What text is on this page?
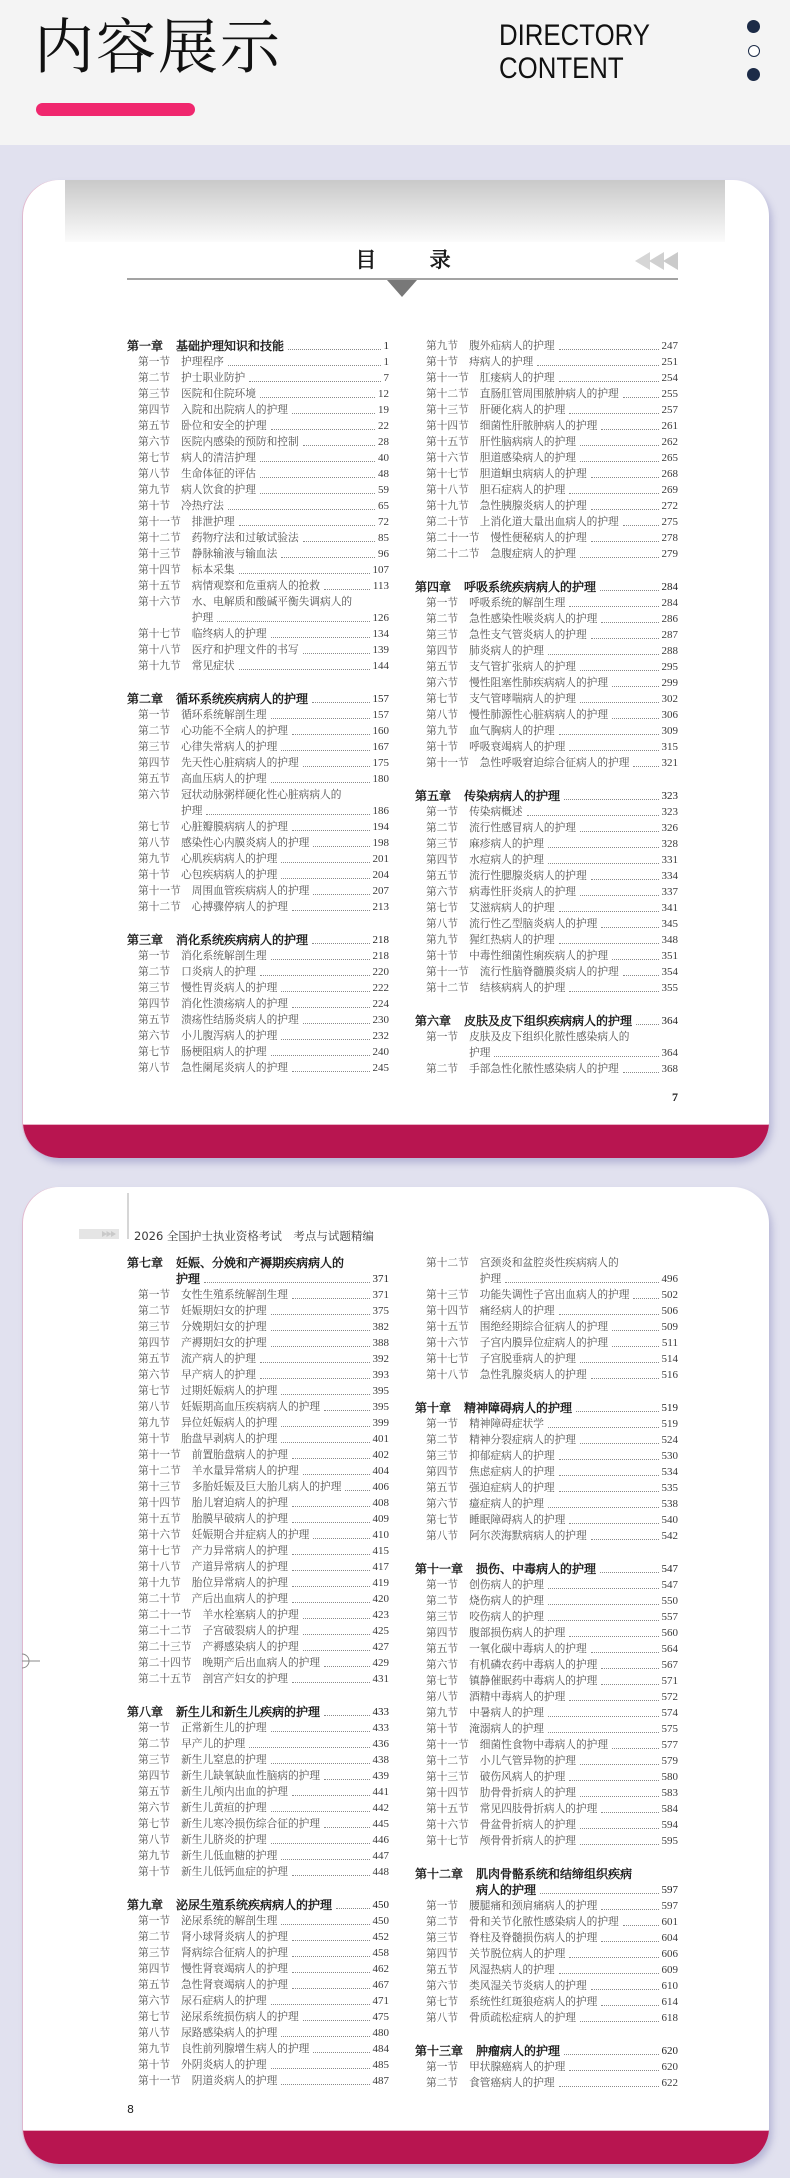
内容展示	DIRECTORY
CONTENT
目 录
第一章 基础护理知识和技能	1
第一节 护理程序	1
第二节 护士职业防护	7
第三节 医院和住院环境	12
第四节 入院和出院病人的护理	19
第五节 卧位和安全的护理	22
第六节 医院内感染的预防和控制	28
第七节 病人的清洁护理	40
第八节 生命体征的评估	48
第九节 病人饮食的护理	59
第十节 冷热疗法	65
第十一节 排泄护理	72
第十二节 药物疗法和过敏试验法	85
第十三节 静脉输液与输血法	96
第十四节 标本采集	107
第十五节 病情观察和危重病人的抢救	113
第十六节 水、电解质和酸碱平衡失调病人的
护理	126
第十七节 临终病人的护理	134
第十八节 医疗和护理文件的书写	139
第十九节 常见症状	144
第二章 循环系统疾病病人的护理	157
第一节 循环系统解剖生理	157
第二节 心功能不全病人的护理	160
第三节 心律失常病人的护理	167
第四节 先天性心脏病病人的护理	175
第五节 高血压病人的护理	180
第六节 冠状动脉粥样硬化性心脏病病人的
护理	186
第七节 心脏瓣膜病病人的护理	194
第八节 感染性心内膜炎病人的护理	198
第九节 心肌疾病病人的护理	201
第十节 心包疾病病人的护理	204
第十一节 周围血管疾病病人的护理	207
第十二节 心搏骤停病人的护理	213
第三章 消化系统疾病病人的护理	218
第一节 消化系统解剖生理	218
第二节 口炎病人的护理	220
第三节 慢性胃炎病人的护理	222
第四节 消化性溃疡病人的护理	224
第五节 溃疡性结肠炎病人的护理	230
第六节 小儿腹泻病人的护理	232
第七节 肠梗阻病人的护理	240
第八节 急性阑尾炎病人的护理	245
第九节 腹外疝病人的护理	247
第十节 痔病人的护理	251
第十一节 肛瘘病人的护理	254
第十二节 直肠肛管周围脓肿病人的护理	255
第十三节 肝硬化病人的护理	257
第十四节 细菌性肝脓肿病人的护理	261
第十五节 肝性脑病病人的护理	262
第十六节 胆道感染病人的护理	265
第十七节 胆道蛔虫病病人的护理	268
第十八节 胆石症病人的护理	269
第十九节 急性胰腺炎病人的护理	272
第二十节 上消化道大量出血病人的护理	275
第二十一节 慢性便秘病人的护理	278
第二十二节 急腹症病人的护理	279
第四章 呼吸系统疾病病人的护理	284
第一节 呼吸系统的解剖生理	284
第二节 急性感染性喉炎病人的护理	286
第三节 急性支气管炎病人的护理	287
第四节 肺炎病人的护理	288
第五节 支气管扩张病人的护理	295
第六节 慢性阻塞性肺疾病病人的护理	299
第七节 支气管哮喘病人的护理	302
第八节 慢性肺源性心脏病病人的护理	306
第九节 血气胸病人的护理	309
第十节 呼吸衰竭病人的护理	315
第十一节 急性呼吸窘迫综合征病人的护理	321
第五章 传染病病人的护理	323
第一节 传染病概述	323
第二节 流行性感冒病人的护理	326
第三节 麻疹病人的护理	328
第四节 水痘病人的护理	331
第五节 流行性腮腺炎病人的护理	334
第六节 病毒性肝炎病人的护理	337
第七节 艾滋病病人的护理	341
第八节 流行性乙型脑炎病人的护理	345
第九节 猩红热病人的护理	348
第十节 中毒性细菌性痢疾病人的护理	351
第十一节 流行性脑脊髓膜炎病人的护理	354
第十二节 结核病病人的护理	355
第六章 皮肤及皮下组织疾病病人的护理	364
第一节 皮肤及皮下组织化脓性感染病人的
护理	364
第二节 手部急性化脓性感染病人的护理	368
7
2026 全国护士执业资格考试　考点与试题精编
第七章 妊娠、分娩和产褥期疾病病人的
护理	371
第一节 女性生殖系统解剖生理	371
第二节 妊娠期妇女的护理	375
第三节 分娩期妇女的护理	382
第四节 产褥期妇女的护理	388
第五节 流产病人的护理	392
第六节 早产病人的护理	393
第七节 过期妊娠病人的护理	395
第八节 妊娠期高血压疾病病人的护理	395
第九节 异位妊娠病人的护理	399
第十节 胎盘早剥病人的护理	401
第十一节 前置胎盘病人的护理	402
第十二节 羊水量异常病人的护理	404
第十三节 多胎妊娠及巨大胎儿病人的护理	406
第十四节 胎儿窘迫病人的护理	408
第十五节 胎膜早破病人的护理	409
第十六节 妊娠期合并症病人的护理	410
第十七节 产力异常病人的护理	415
第十八节 产道异常病人的护理	417
第十九节 胎位异常病人的护理	419
第二十节 产后出血病人的护理	420
第二十一节 羊水栓塞病人的护理	423
第二十二节 子宫破裂病人的护理	425
第二十三节 产褥感染病人的护理	427
第二十四节 晚期产后出血病人的护理	429
第二十五节 剖宫产妇女的护理	431
第八章 新生儿和新生儿疾病的护理	433
第一节 正常新生儿的护理	433
第二节 早产儿的护理	436
第三节 新生儿窒息的护理	438
第四节 新生儿缺氧缺血性脑病的护理	439
第五节 新生儿颅内出血的护理	441
第六节 新生儿黄疸的护理	442
第七节 新生儿寒冷损伤综合征的护理	445
第八节 新生儿脐炎的护理	446
第九节 新生儿低血糖的护理	447
第十节 新生儿低钙血症的护理	448
第九章 泌尿生殖系统疾病病人的护理	450
第一节 泌尿系统的解剖生理	450
第二节 肾小球肾炎病人的护理	452
第三节 肾病综合征病人的护理	458
第四节 慢性肾衰竭病人的护理	462
第五节 急性肾衰竭病人的护理	467
第六节 尿石症病人的护理	471
第七节 泌尿系统损伤病人的护理	475
第八节 尿路感染病人的护理	480
第九节 良性前列腺增生病人的护理	484
第十节 外阴炎病人的护理	485
第十一节 阴道炎病人的护理	487
第十二节 宫颈炎和盆腔炎性疾病病人的
护理	496
第十三节 功能失调性子宫出血病人的护理	502
第十四节 痛经病人的护理	506
第十五节 围绝经期综合征病人的护理	509
第十六节 子宫内膜异位症病人的护理	511
第十七节 子宫脱垂病人的护理	514
第十八节 急性乳腺炎病人的护理	516
第十章 精神障碍病人的护理	519
第一节 精神障碍症状学	519
第二节 精神分裂症病人的护理	524
第三节 抑郁症病人的护理	530
第四节 焦虑症病人的护理	534
第五节 强迫症病人的护理	535
第六节 癔症病人的护理	538
第七节 睡眠障碍病人的护理	540
第八节 阿尔茨海默病病人的护理	542
第十一章 损伤、中毒病人的护理	547
第一节 创伤病人的护理	547
第二节 烧伤病人的护理	550
第三节 咬伤病人的护理	557
第四节 腹部损伤病人的护理	560
第五节 一氧化碳中毒病人的护理	564
第六节 有机磷农药中毒病人的护理	567
第七节 镇静催眠药中毒病人的护理	571
第八节 酒精中毒病人的护理	572
第九节 中暑病人的护理	574
第十节 淹溺病人的护理	575
第十一节 细菌性食物中毒病人的护理	577
第十二节 小儿气管异物的护理	579
第十三节 破伤风病人的护理	580
第十四节 肋骨骨折病人的护理	583
第十五节 常见四肢骨折病人的护理	584
第十六节 骨盆骨折病人的护理	594
第十七节 颅骨骨折病人的护理	595
第十二章 肌肉骨骼系统和结缔组织疾病
病人的护理	597
第一节 腰腿痛和颈肩痛病人的护理	597
第二节 骨和关节化脓性感染病人的护理	601
第三节 脊柱及脊髓损伤病人的护理	604
第四节 关节脱位病人的护理	606
第五节 风湿热病人的护理	609
第六节 类风湿关节炎病人的护理	610
第七节 系统性红斑狼疮病人的护理	614
第八节 骨质疏松症病人的护理	618
第十三章 肿瘤病人的护理	620
第一节 甲状腺癌病人的护理	620
第二节 食管癌病人的护理	622
8
